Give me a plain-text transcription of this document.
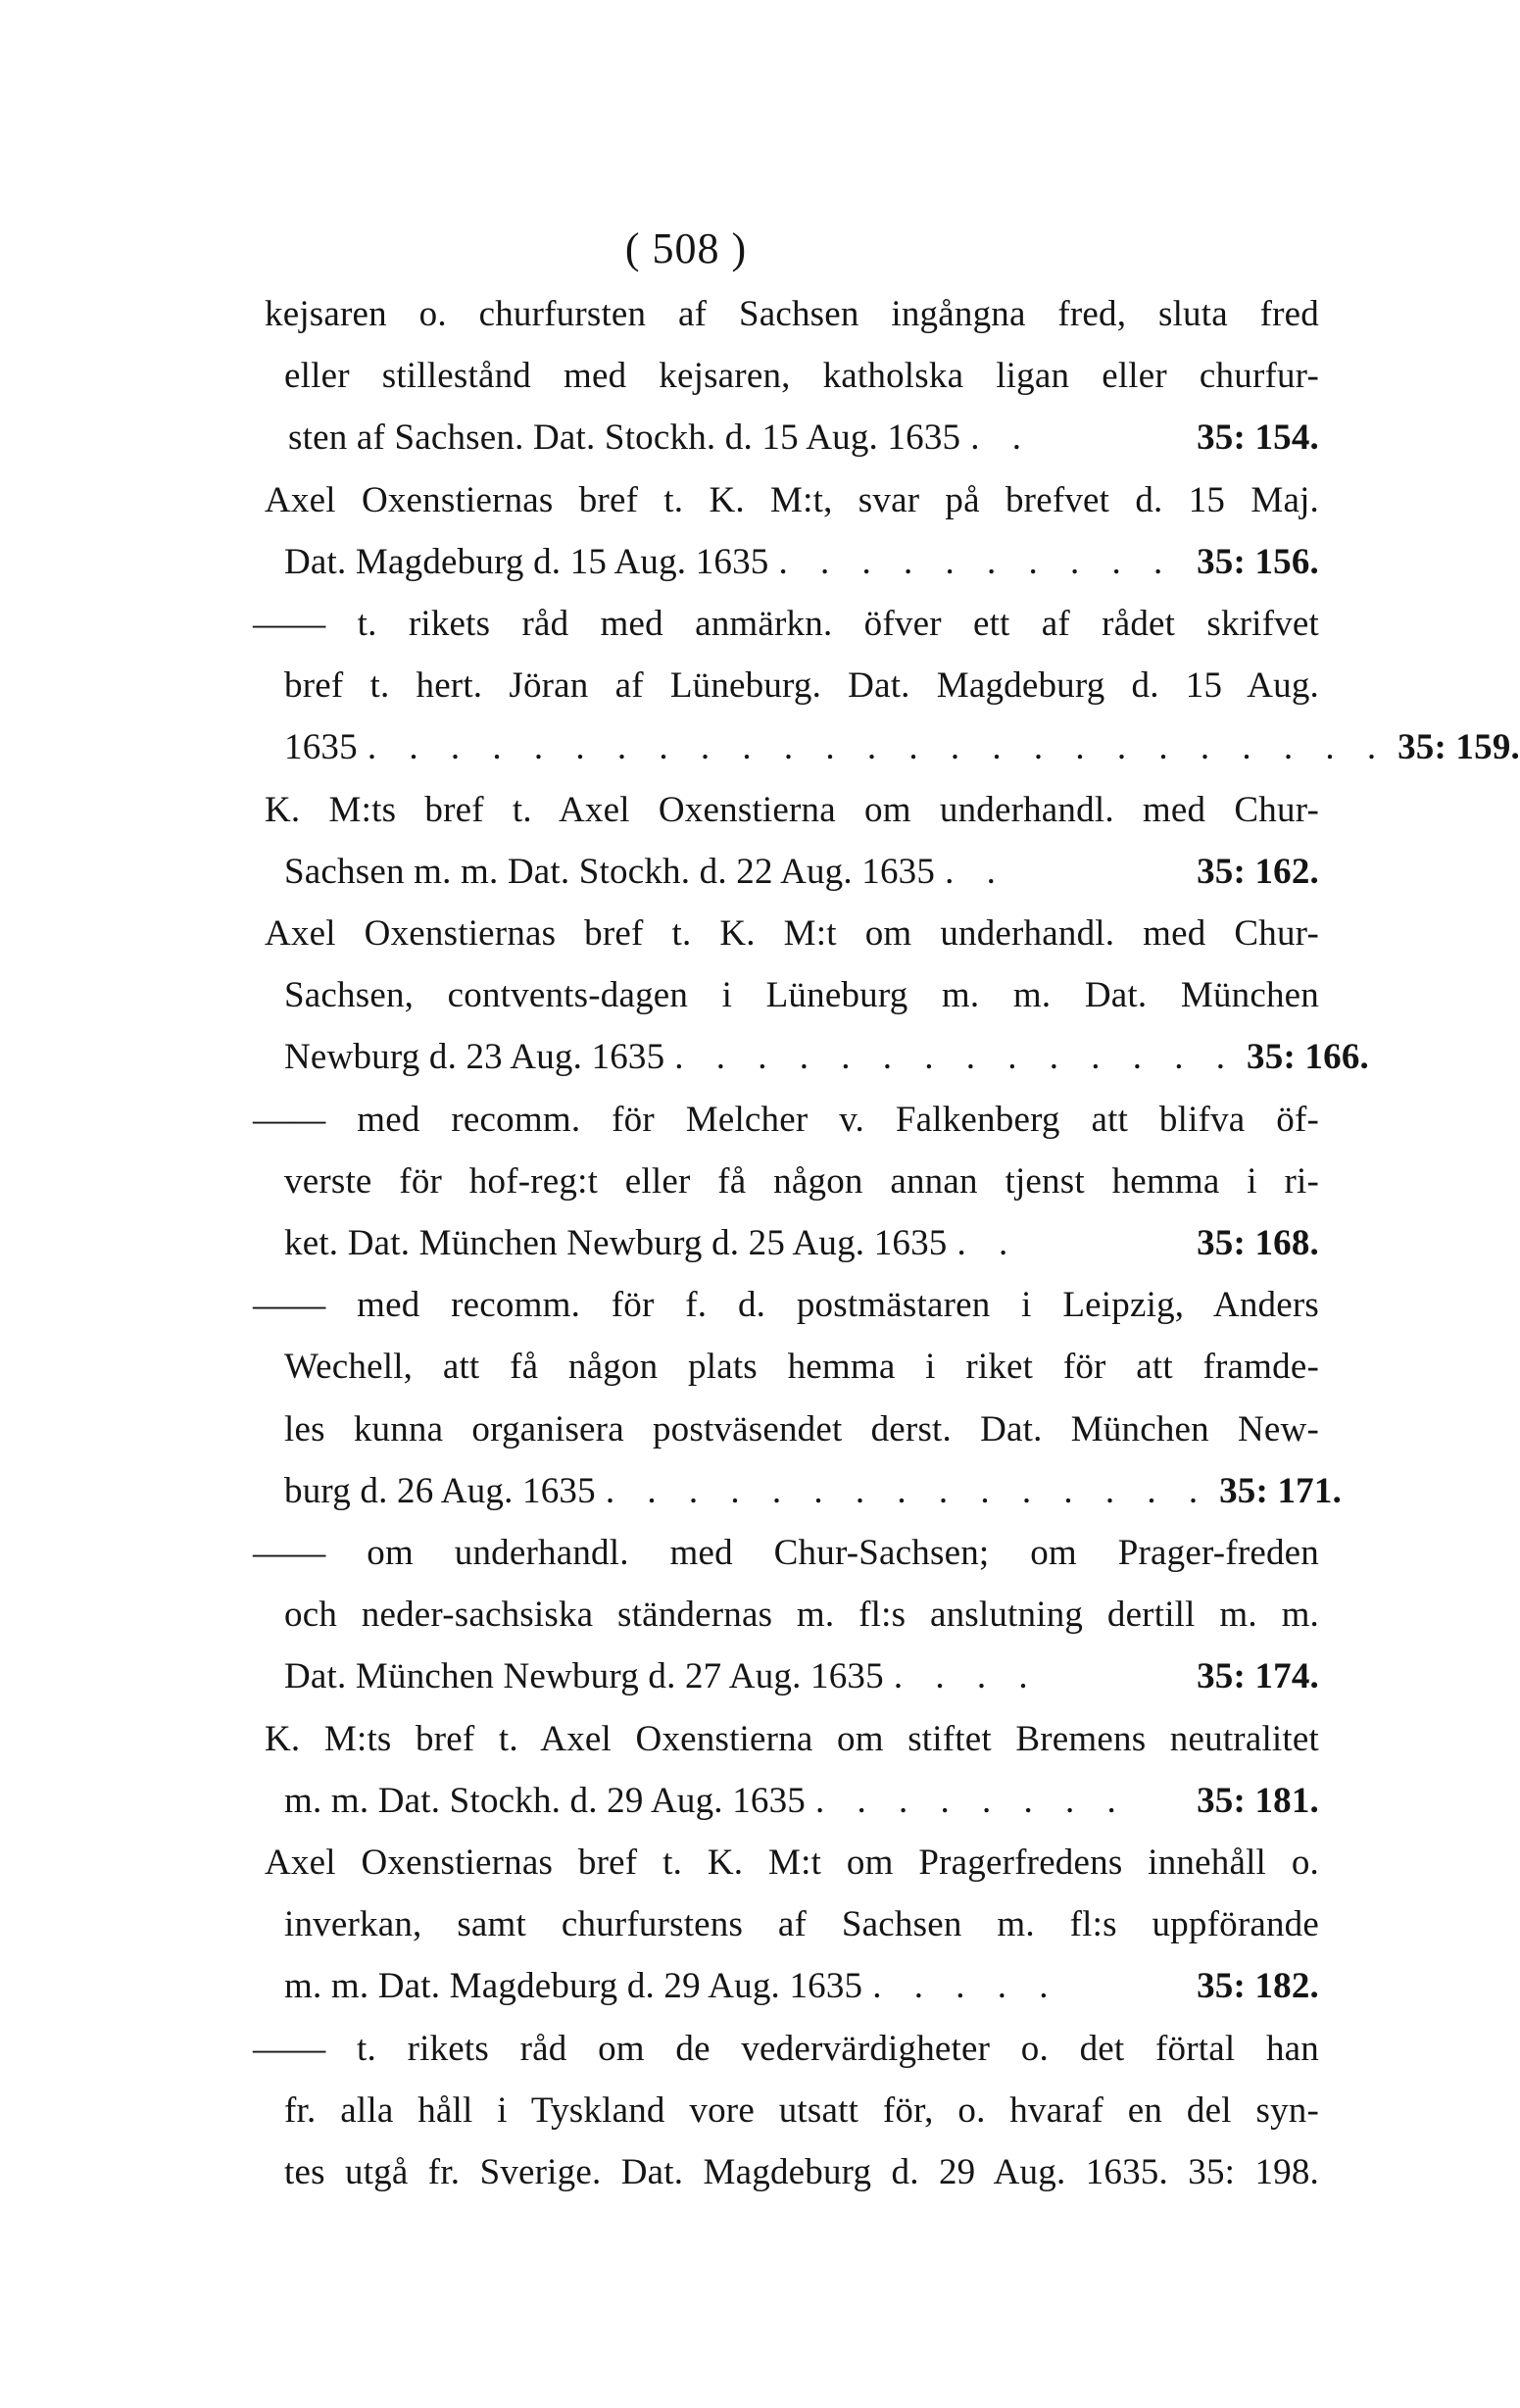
( 508 )
kejsaren o. churfursten af Sachsen ingångna fred, sluta fred
eller stillestånd med kejsaren, katholska ligan eller churfur-
sten af Sachsen. Dat. Stockh. d. 15 Aug. 1635 . .	35: 154.
Axel Oxenstiernas bref t. K. M:t, svar på brefvet d. 15 Maj.
Dat. Magdeburg d. 15 Aug. 1635 . . . . . . . . . . 35: 156.
—— t. rikets råd med anmärkn. öfver ett af rådet skrifvet
bref t. hert. Jöran af Lüneburg. Dat. Magdeburg d. 15 Aug.
1635 . . . . . . . . . . . . . . . . . . . . . . . . . 35: 159.
K. M:ts bref t. Axel Oxenstierna om underhandl. med Chur-
Sachsen m. m. Dat. Stockh. d. 22 Aug. 1635 . .	35: 162.
Axel Oxenstiernas bref t. K. M:t om underhandl. med Chur-
Sachsen, contvents-dagen i Lüneburg m. m. Dat. München
Newburg d. 23 Aug. 1635 . . . . . . . . . . . . . . 35: 166.
—— med recomm. för Melcher v. Falkenberg att blifva öf-
verste för hof-reg:t eller få någon annan tjenst hemma i ri-
ket. Dat. München Newburg d. 25 Aug. 1635 . .	35: 168.
—— med recomm. för f. d. postmästaren i Leipzig, Anders
Wechell, att få någon plats hemma i riket för att framde-
les kunna organisera postväsendet derst. Dat. München New-
burg d. 26 Aug. 1635 . . . . . . . . . . . . . . . 35: 171.
—— om underhandl. med Chur-Sachsen; om Prager-freden
och neder-sachsiska ständernas m. fl:s anslutning dertill m. m.
Dat. München Newburg d. 27 Aug. 1635 . . . .	35: 174.
K. M:ts bref t. Axel Oxenstierna om stiftet Bremens neutralitet
m. m. Dat. Stockh. d. 29 Aug. 1635 . . . . . . . .	35: 181.
Axel Oxenstiernas bref t. K. M:t om Pragerfredens innehåll o.
inverkan, samt churfurstens af Sachsen m. fl:s uppförande
m. m. Dat. Magdeburg d. 29 Aug. 1635 . . . . .	35: 182.
—— t. rikets råd om de vedervärdigheter o. det förtal han
fr. alla håll i Tyskland vore utsatt för, o. hvaraf en del syn-
tes utgå fr. Sverige. Dat. Magdeburg d. 29 Aug. 1635. 35: 198.
